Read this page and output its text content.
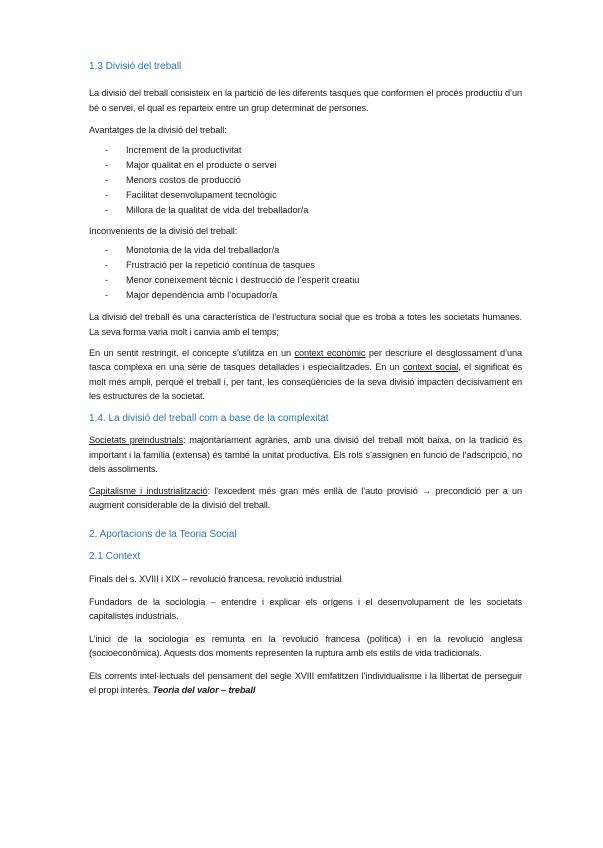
1.3 Divisió del treball

La divisió del treball consisteix en la partició de les diferents tasques que conformen el procés productiu d’un bé o servei, el qual es reparteix entre un grup determinat de persones.

Avantatges de la divisió del treball:

- Increment de la productivitat
- Major qualitat en el producte o servei
- Menors costos de producció
- Facilitat desenvolupament tecnològic
- Millora de la qualitat de vida del treballador/a

Inconvenients de la divisió del treball:

- Monotonia de la vida del treballador/a
- Frustració per la repetició contínua de tasques
- Menor coneixement tècnic i destrucció de l’esperit creatiu
- Major dependència amb l’ocupador/a

La divisió del treball és una característica de l’estructura social que es troba a totes les societats humanes. La seva forma varia molt i canvia amb el temps;

En un sentit restringit, el concepte s’utilitza en un context econòmic per descriure el desglossament d’una tasca complexa en una sèrie de tasques detallades i especialitzades. En un context social, el significat és molt més ampli, perquè el treball i, per tant, les conseqüències de la seva divisió impacten decisivament en les estructures de la societat.

1.4. La divisió del treball com a base de la complexitat

Societats preindustrials: majoritàriament agràries, amb una divisió del treball molt baixa, on la tradició és important i la família (extensa) és també la unitat productiva. Els rols s’assignen en funció de l’adscripció, no dels assoliments.

Capitalisme i industrialització: l’excedent més gran més enllà de l’auto provisió → precondició per a un augment considerable de la divisió del treball.

2. Aportacions de la Teoria Social
2.1 Context

Finals del s. XVIII i XIX – revolució francesa, revolució industrial

Fundadors de la sociologia – entendre i explicar els orígens i el desenvolupament de les societats capitalistes industrials.

L’inici de la sociologia es remunta en la revolució francesa (política) i en la revolució anglesa (socioeconòmica). Aquests dos moments representen la ruptura amb els estils de vida tradicionals.

Els corrents intel·lectuals del pensament del segle XVIII emfatitzen l’individualisme i la llibertat de perseguir el propi interès. Teoria del valor – treball
